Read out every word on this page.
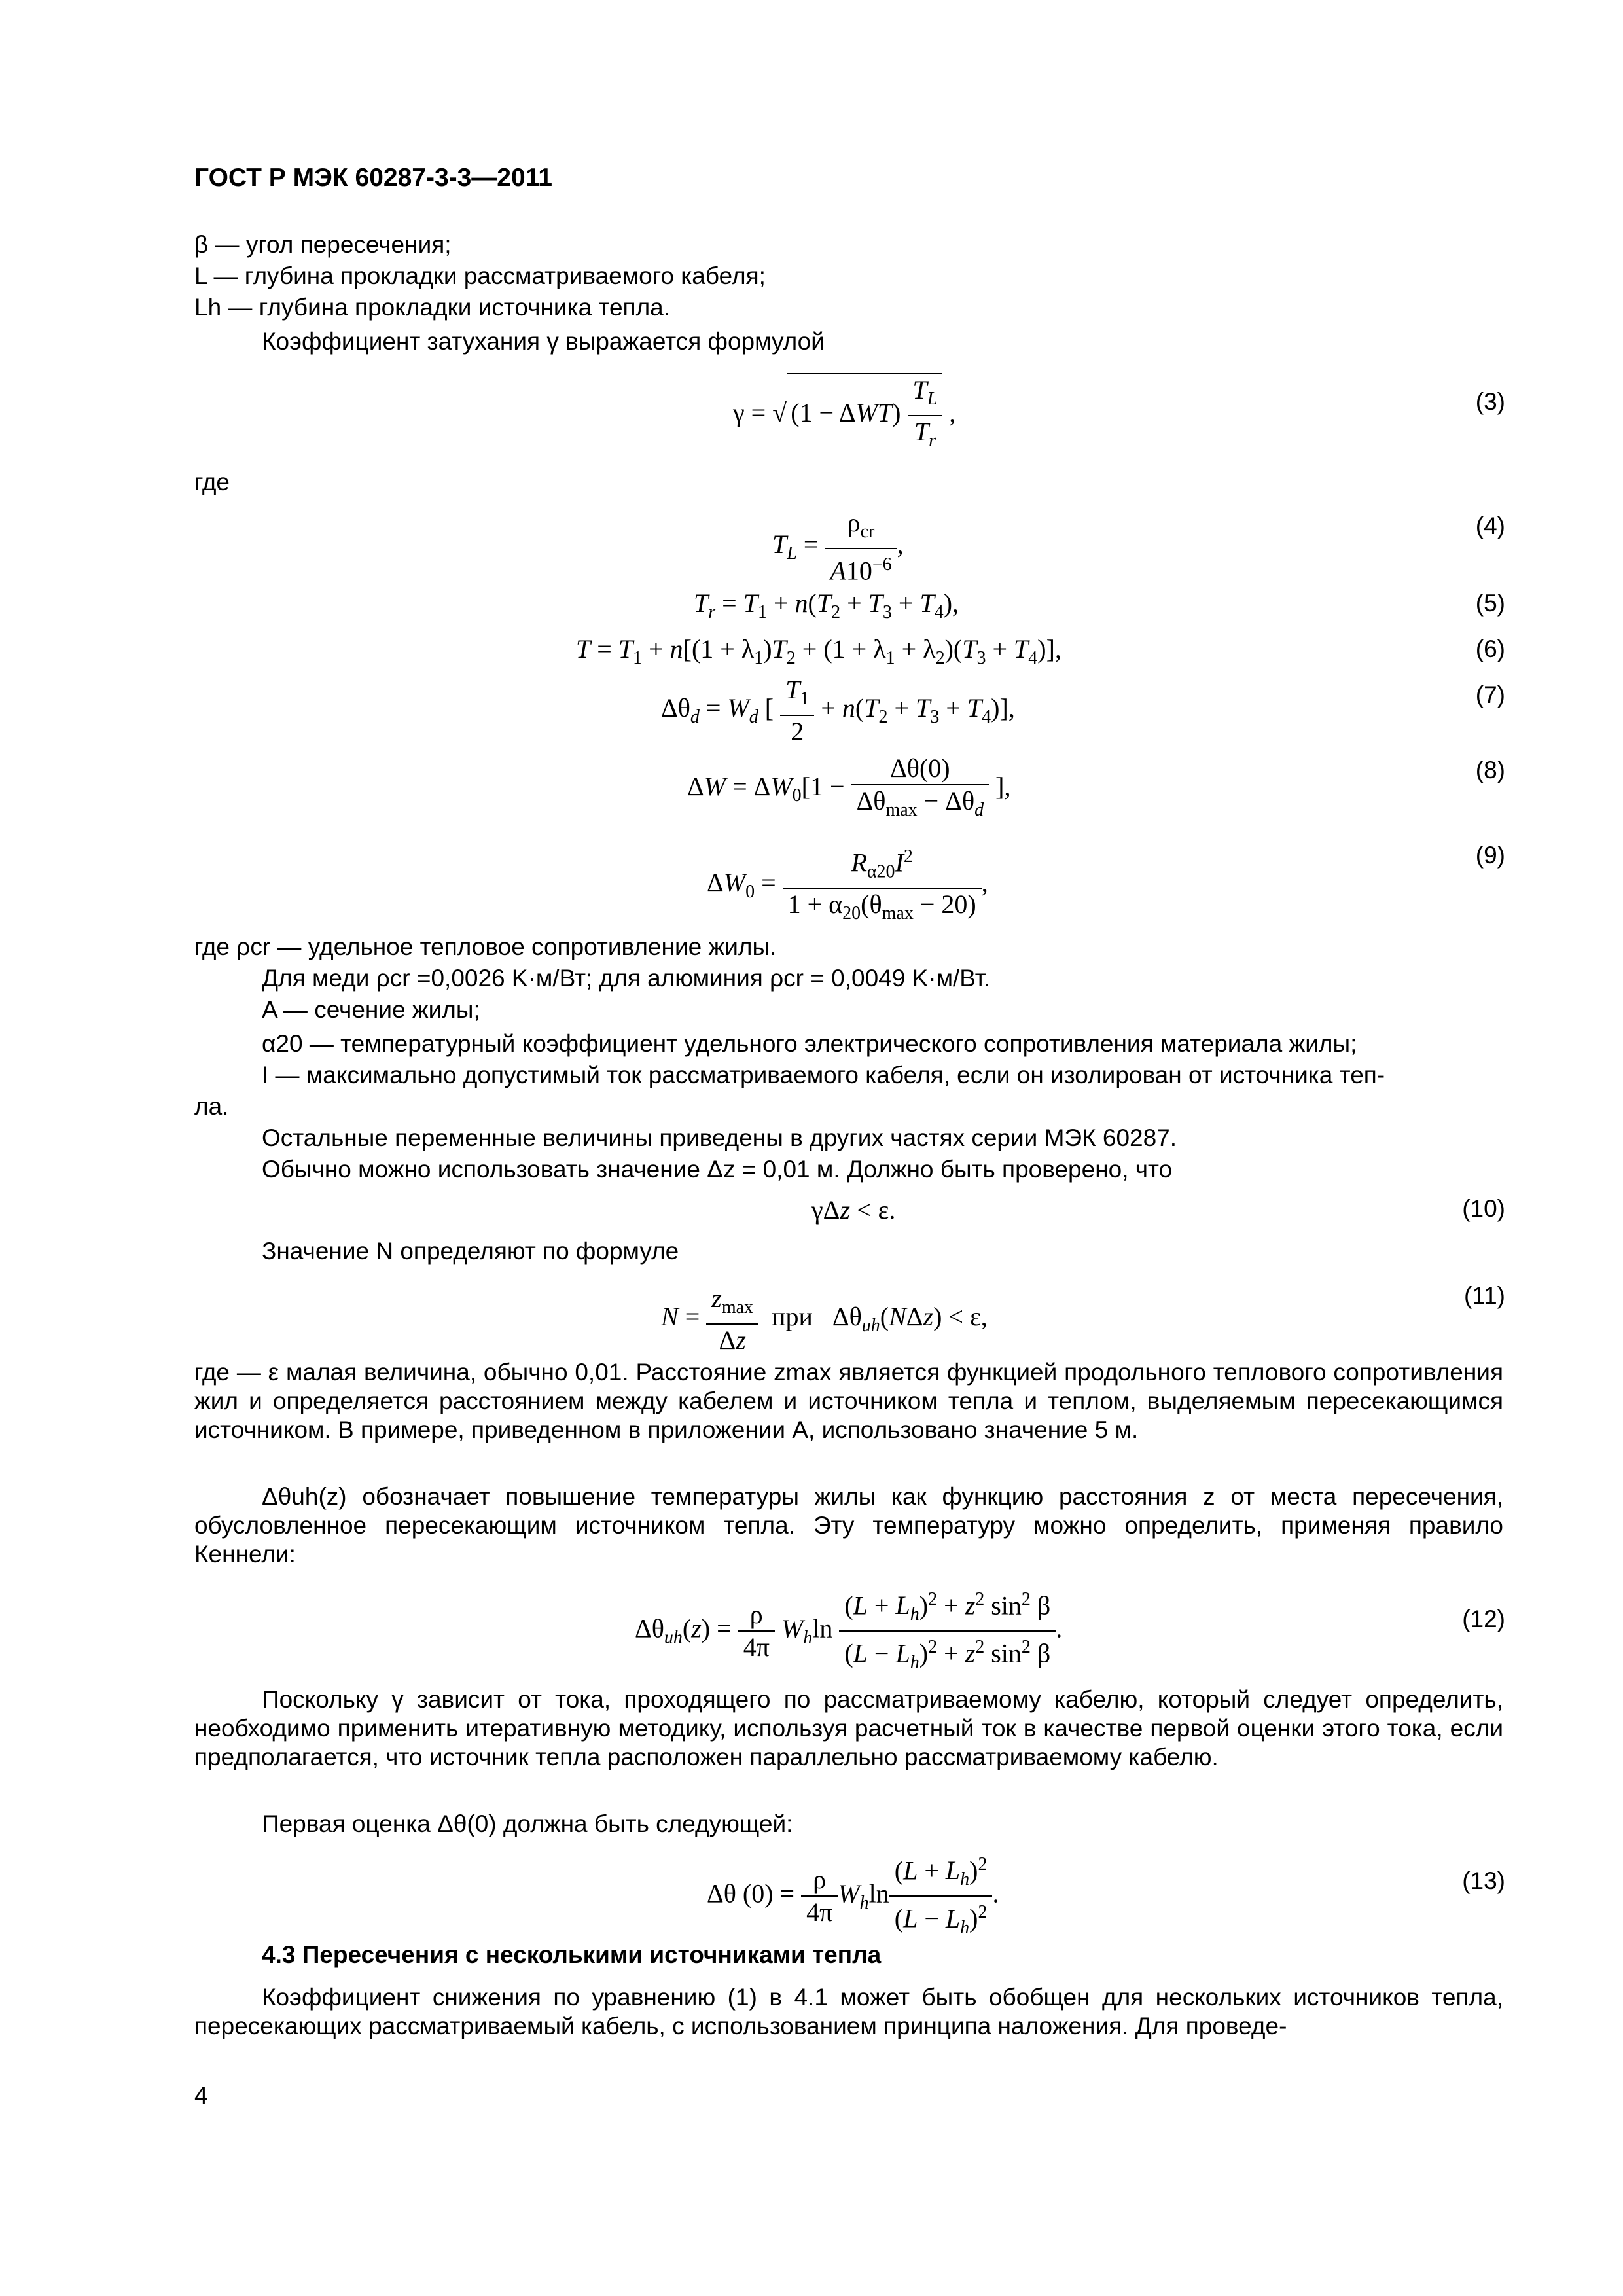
ГОСТ Р МЭК 60287-3-3—2011
β — угол пересечения;
L — глубина прокладки рассматриваемого кабеля;
Lh — глубина прокладки источника тепла.
Коэффициент затухания γ выражается формулой
γ = √ $(1 - \Delta WT) \frac{T_L}{T_r}$ ,	(3)
где
$T_L = \frac{\rho_{cr}}{A10^{-6}}$ ,
(4)
$T_r = T_1 + n(T_2 + T_3 + T_4)$,	(5)
$T = T_1 + n[(1 + \lambda_1)T_2 + (1 + \lambda_1 + \lambda_2)(T_3 + T_4)]$,	(6)
$\Delta\theta_d = W_d$ [ $\frac{T_1}{2} + n(T_2 + T_3 + T_4)$],	(7)
$\Delta W = \Delta W_0[1 - \frac{\Delta\theta(0)}{\Delta\theta_{max} - \Delta\theta_d}$ ],
(8)
$\Delta W_0 = \frac{R_{\alpha 20}I^2}{1 + \alpha_{20}(\theta_{max} - 20)}$ ,
(9)
где ρcr — удельное тепловое сопротивление жилы.
Для меди ρcr =0,0026 K·м/Вт; для алюминия ρcr = 0,0049 K·м/Вт.
A — сечение жилы;
α20 — температурный коэффициент удельного электрического сопротивления материала жилы;
I — максимально допустимый ток рассматриваемого кабеля, если он изолирован от источника теп-
ла.
Остальные переменные величины приведены в других частях серии МЭК 60287.
Обычно можно использовать значение Δz = 0,01 м. Должно быть проверено, что
γΔz < ε.	(10)
Значение N определяют по формуле
$N = \frac{z_{max}}{\Delta z}$ при   $\Delta\theta_{uh}(N\Delta z) < \varepsilon$,
(11)
где — ε малая величина, обычно 0,01. Расстояние zmax является функцией продольного теплового сопротивления жил и определяется расстоянием между кабелем и источником тепла и теплом, выделяемым пересекающимся источником. В примере, приведенном в приложении А, использовано значение 5 м.
Δθuh(z) обозначает повышение температуры жилы как функцию расстояния z от места пересечения, обусловленное пересекающим источником тепла. Эту температуру можно определить, применяя правило Кеннели:
$\Delta\theta_{uh}(z) = \frac{\rho}{4\pi} W_h\ln \frac{(L + L_h)^2 + z^2 \sin^2 \beta}{(L - L_h)^2 + z^2 \sin^2 \beta}$ .	(12)
Поскольку γ зависит от тока, проходящего по рассматриваемому кабелю, который следует определить, необходимо применить итеративную методику, используя расчетный ток в качестве первой оценки этого тока, если предполагается, что источник тепла расположен параллельно рассматриваемому кабелю.
Первая оценка Δθ(0) должна быть следующей:
Δθ $(0) = \frac{\rho}{4\pi} W_h\ln \frac{(L + L_h)^2}{(L - L_h)^2}$ .	(13)
4.3 Пересечения с несколькими источниками тепла
Коэффициент снижения по уравнению (1) в 4.1 может быть обобщен для нескольких источников тепла, пересекающих рассматриваемый кабель, с использованием принципа наложения. Для проведе-
4
